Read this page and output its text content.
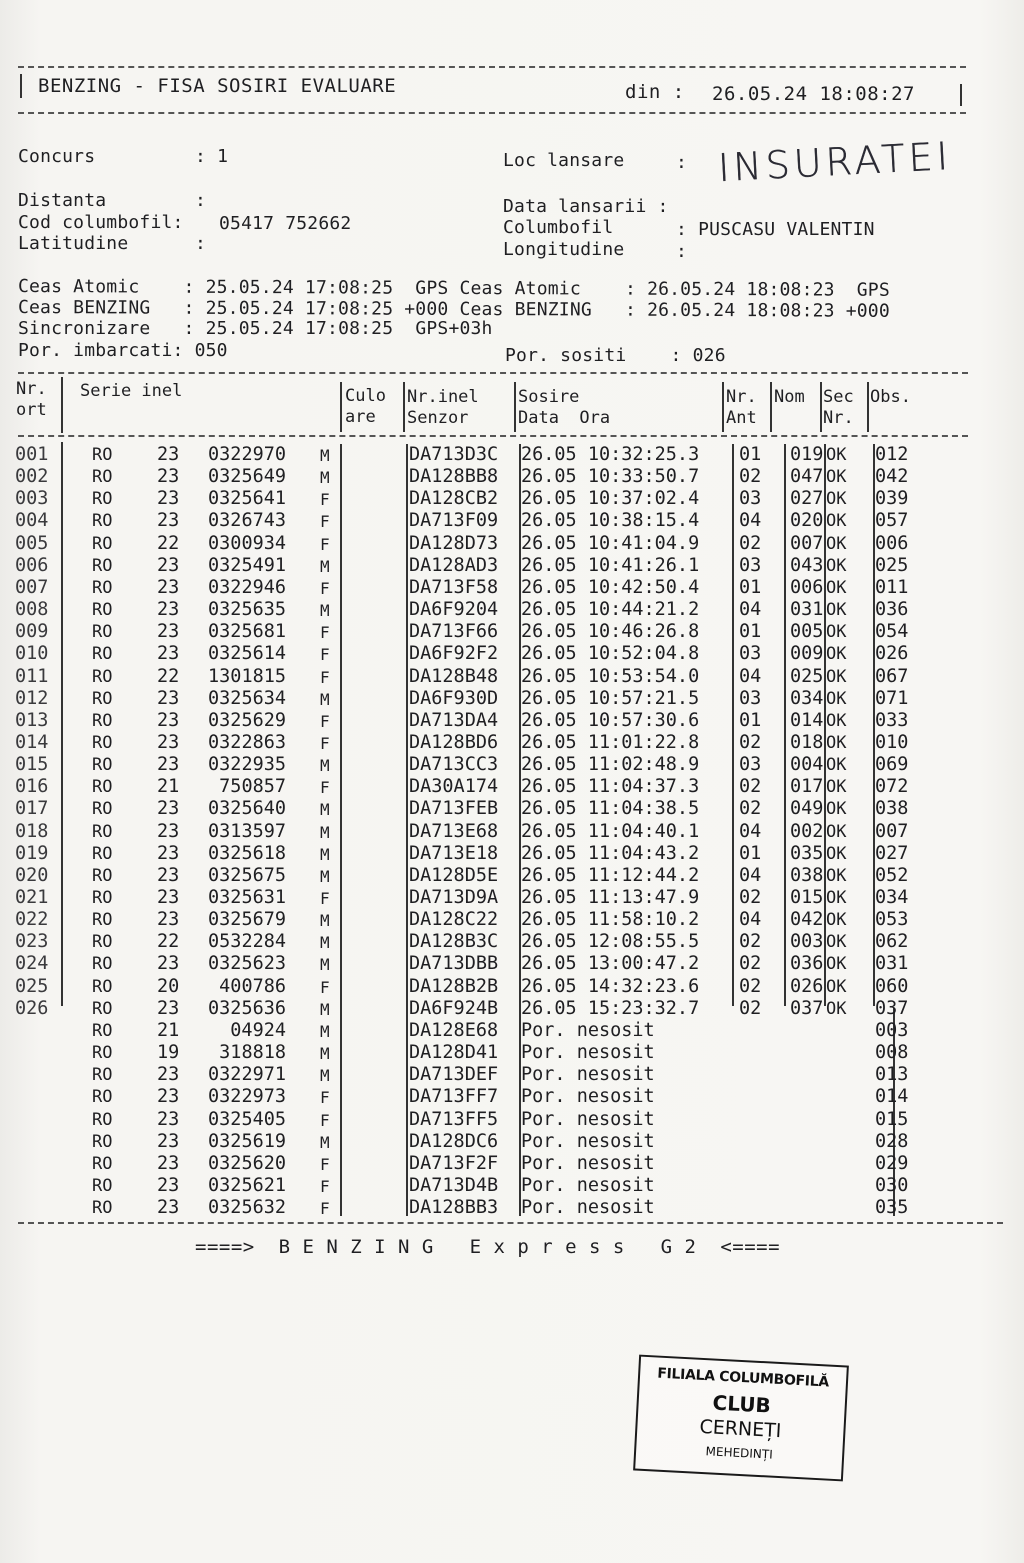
BENZING - FISA SOSIRI EVALUARE	din : 26.05.24 18:08:27
Concurs	: 1
Distanta	:
Cod columbofil: 05417 752662
Latitudine	:
Loc lansare	: INSURATEI
Data lansarii :
Columbofil	: PUSCASU VALENTIN
Longitudine	:
Ceas Atomic    : 25.05.24 17:08:25  GPS Ceas Atomic    : 26.05.24 18:08:23  GPS
Ceas BENZING   : 25.05.24 17:08:25 +000 Ceas BENZING   : 26.05.24 18:08:23 +000
Sincronizare   : 25.05.24 17:08:25  GPS+03h
Por. imbarcati: 050	Por. sositi    : 026
Nr.
ort
Serie inel	Culo
are
Nr.inel
Senzor
Sosire
Data  Ora
Nr.
Ant
Nom Sec
Nr.
Obs.
001	RO 23	0322970 M	DA713D3C 26.05 10:32:25.3 01 019 OK 012
002	RO 23	0325649 M	DA128BB8 26.05 10:33:50.7 02 047 OK 042
003	RO 23	0325641 F	DA128CB2 26.05 10:37:02.4 03 027 OK 039
004	RO 23	0326743 F	DA713F09 26.05 10:38:15.4 04 020 OK 057
005	RO 22	0300934 F	DA128D73 26.05 10:41:04.9 02 007 OK 006
006	RO 23	0325491 M	DA128AD3 26.05 10:41:26.1 03 043 OK 025
007	RO 23	0322946 F	DA713F58 26.05 10:42:50.4 01 006 OK 011
008	RO 23	0325635 M	DA6F9204 26.05 10:44:21.2 04 031 OK 036
009	RO 23	0325681 F	DA713F66 26.05 10:46:26.8 01 005 OK 054
010	RO 23	0325614 F	DA6F92F2 26.05 10:52:04.8 03 009 OK 026
011	RO 22	1301815 F	DA128B48 26.05 10:53:54.0 04 025 OK 067
012	RO 23	0325634 M	DA6F930D 26.05 10:57:21.5 03 034 OK 071
013	RO 23	0325629 F	DA713DA4 26.05 10:57:30.6 01 014 OK 033
014	RO 23	0322863 F	DA128BD6 26.05 11:01:22.8 02 018 OK 010
015	RO 23	0322935 M	DA713CC3 26.05 11:02:48.9 03 004 OK 069
016	RO 21	750857 F	DA30A174 26.05 11:04:37.3 02 017 OK 072
017	RO 23	0325640 M	DA713FEB 26.05 11:04:38.5 02 049 OK 038
018	RO 23	0313597 M	DA713E68 26.05 11:04:40.1 04 002 OK 007
019	RO 23	0325618 M	DA713E18 26.05 11:04:43.2 01 035 OK 027
020	RO 23	0325675 M	DA128D5E 26.05 11:12:44.2 04 038 OK 052
021	RO 23	0325631 F	DA713D9A 26.05 11:13:47.9 02 015 OK 034
022	RO 23	0325679 M	DA128C22 26.05 11:58:10.2 04 042 OK 053
023	RO 22	0532284 M	DA128B3C 26.05 12:08:55.5 02 003 OK 062
024	RO 23	0325623 M	DA713DBB 26.05 13:00:47.2 02 036 OK 031
025	RO 20	400786 F	DA128B2B 26.05 14:32:23.6 02 026 OK 060
026	RO 23	0325636 M	DA6F924B 26.05 15:23:32.7 02 037 OK 037
RO 21	04924 M	DA128E68 Por. nesosit	003
RO 19	318818 M	DA128D41 Por. nesosit	008
RO 23	0322971 M	DA713DEF Por. nesosit	013
RO 23	0322973 F	DA713FF7 Por. nesosit	014
RO 23	0325405 F	DA713FF5 Por. nesosit	015
RO 23	0325619 M	DA128DC6 Por. nesosit	028
RO 23	0325620 F	DA713F2F Por. nesosit	029
RO 23	0325621 F	DA713D4B Por. nesosit	030
RO 23	0325632 F	DA128BB3 Por. nesosit	035
====>  B E N Z I N G   E x p r e s s   G 2  <====
FILIALA COLUMBOFILĂ
CLUB
CERNEȚI
MEHEDINȚI
